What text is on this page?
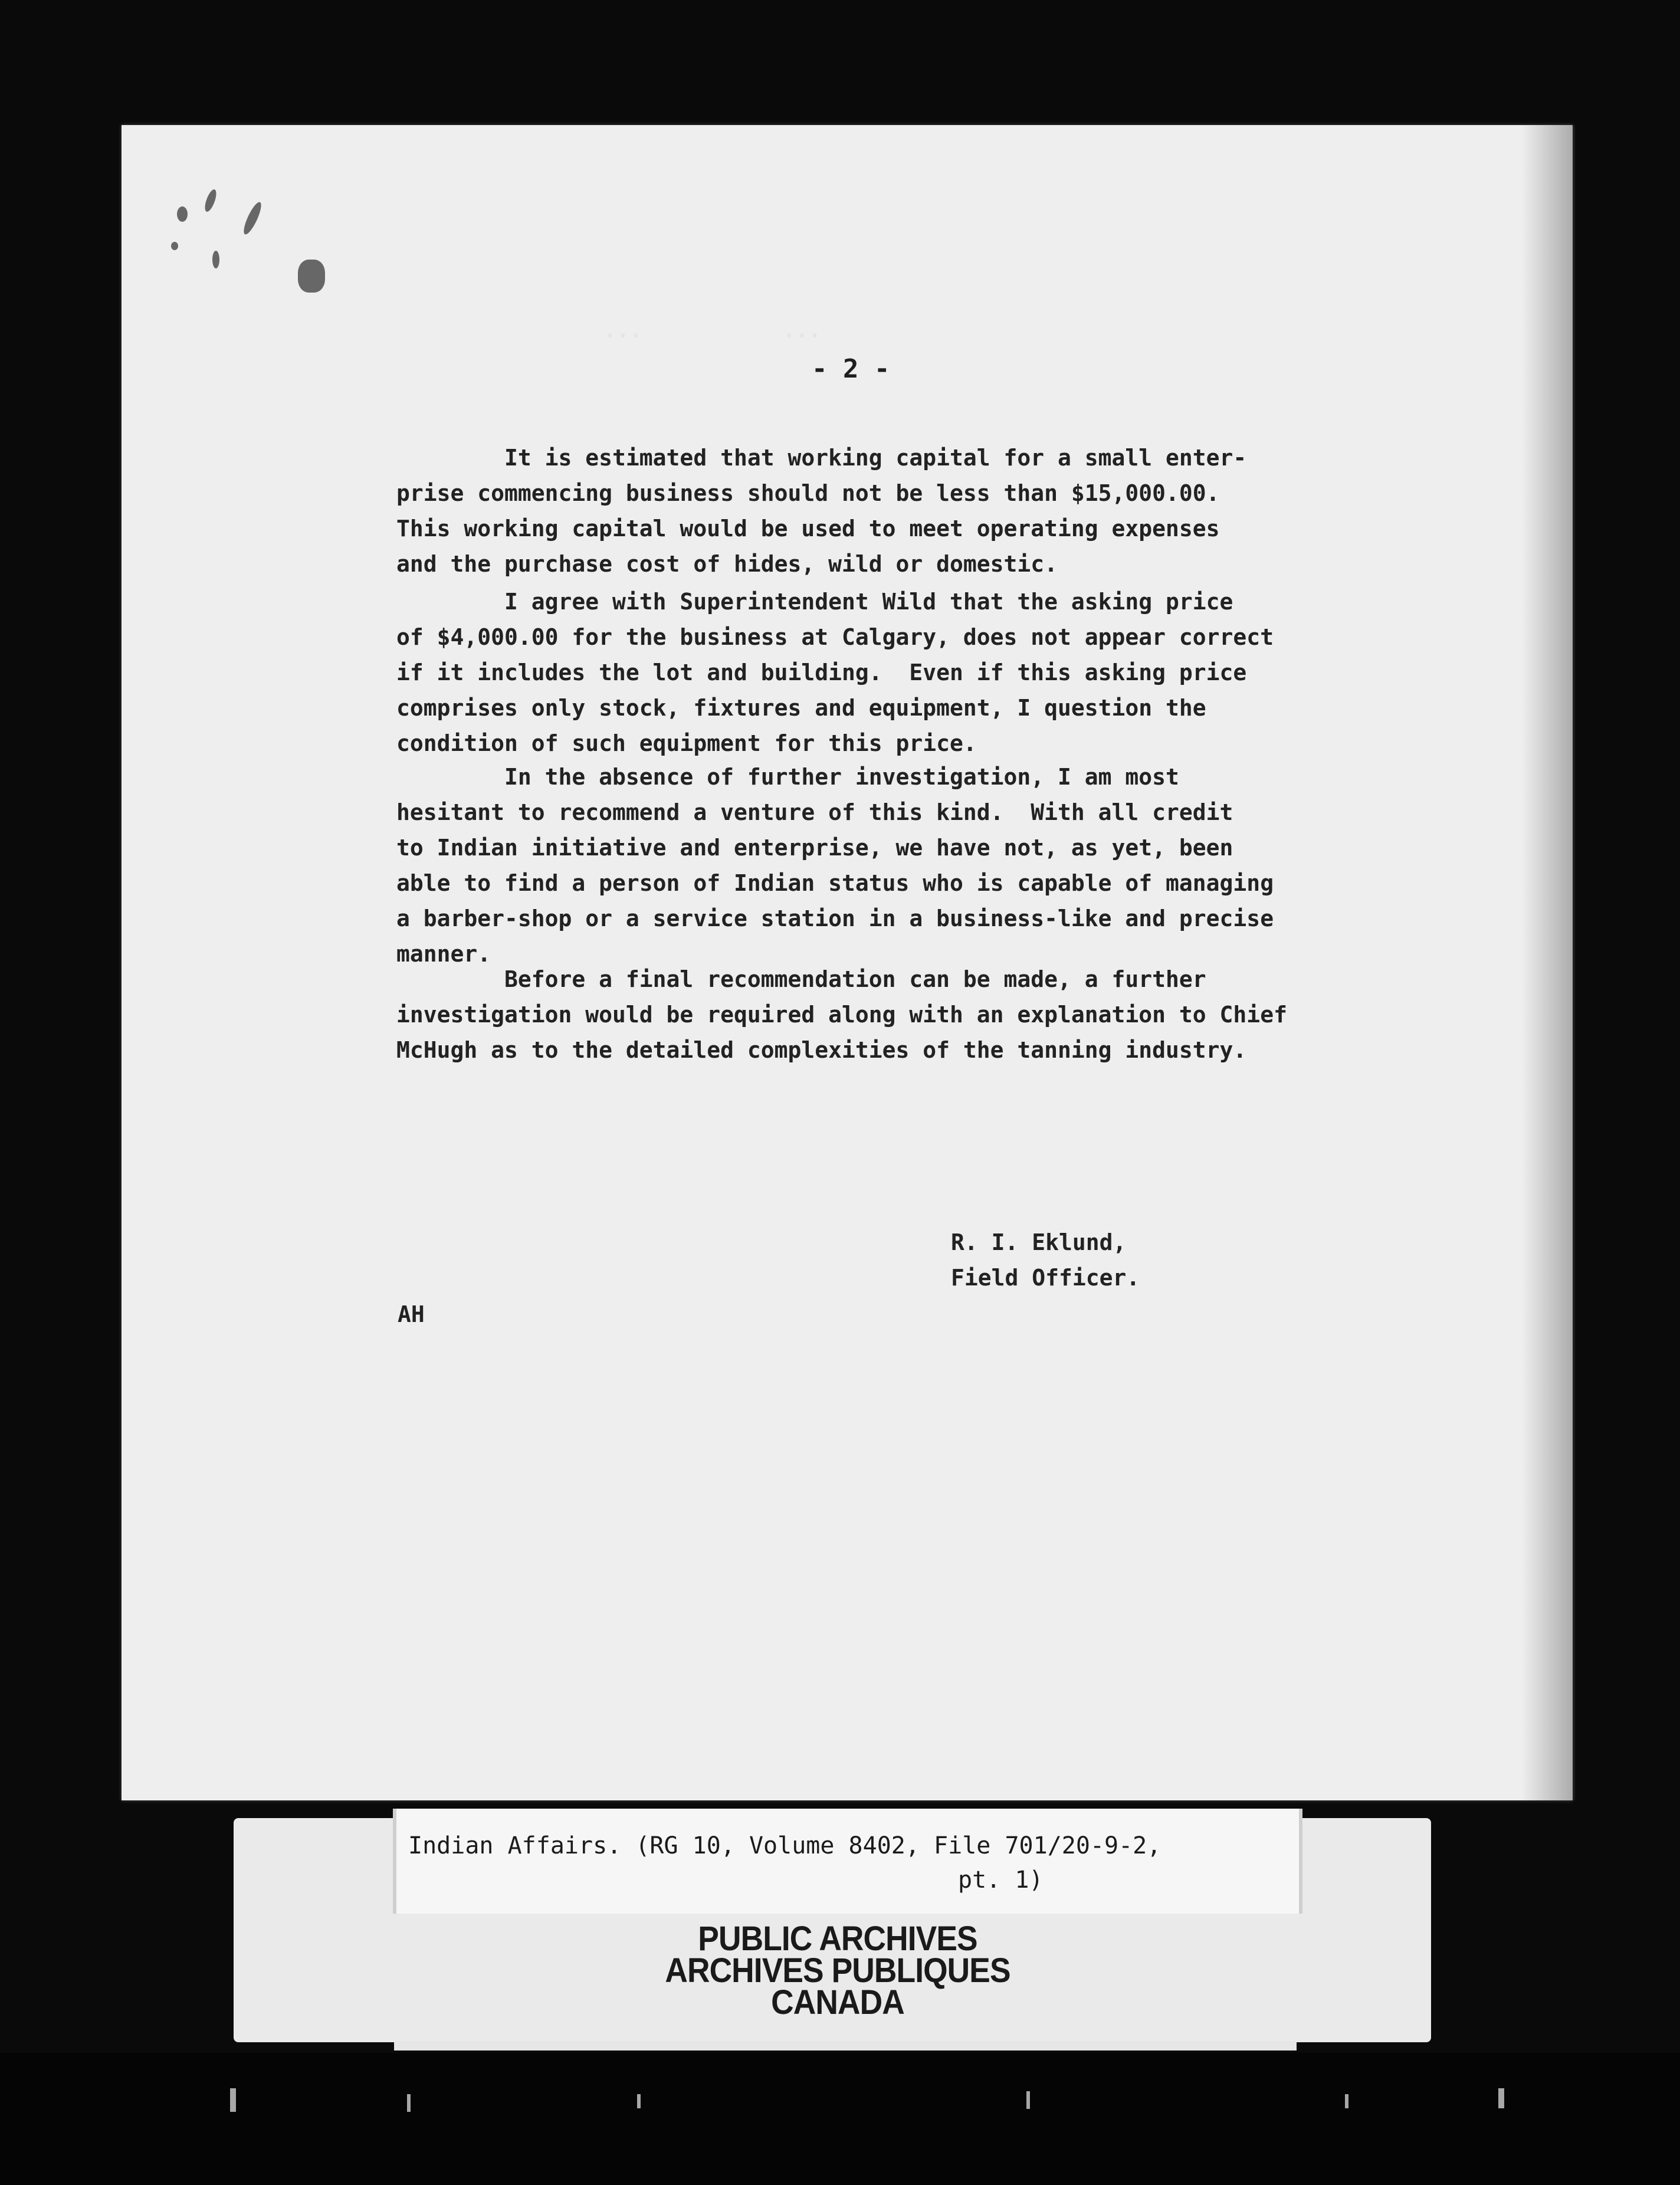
...           ...

- 2 -
It is estimated that working capital for a small enter-
prise commencing business should not be less than $15,000.00.
This working capital would be used to meet operating expenses
and the purchase cost of hides, wild or domestic.
I agree with Superintendent Wild that the asking price
of $4,000.00 for the business at Calgary, does not appear correct
if it includes the lot and building.  Even if this asking price
comprises only stock, fixtures and equipment, I question the
condition of such equipment for this price.
In the absence of further investigation, I am most
hesitant to recommend a venture of this kind.  With all credit
to Indian initiative and enterprise, we have not, as yet, been
able to find a person of Indian status who is capable of managing
a barber-shop or a service station in a business-like and precise
manner.
Before a final recommendation can be made, a further
investigation would be required along with an explanation to Chief
McHugh as to the detailed complexities of the tanning industry.
R. I. Eklund,
Field Officer.
AH
Indian Affairs. (RG 10, Volume 8402, File 701/20-9-2,
pt. 1)
PUBLIC ARCHIVES
ARCHIVES PUBLIQUES
CANADA
